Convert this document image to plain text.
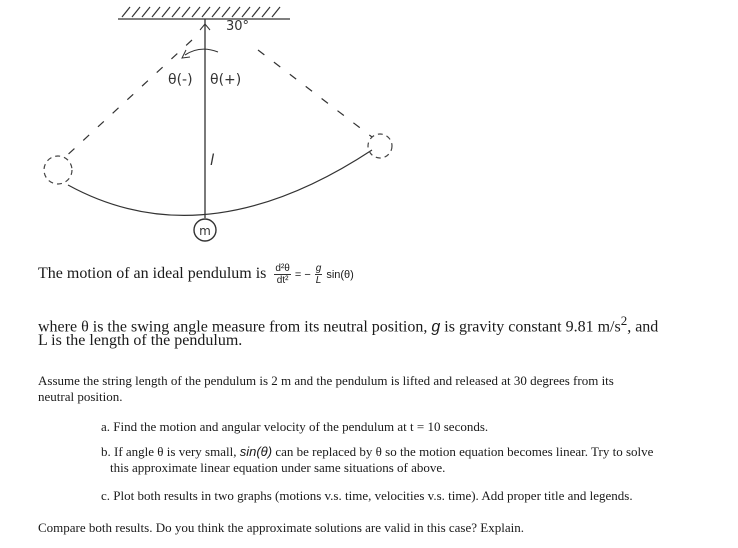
m
30°
θ(-) θ(+)
l
The motion of an ideal pendulum is $\frac{\text{d²θ}}{\text{dt²}}$ = − $\frac{g}{L} \sin(\theta)$
where θ is the swing angle measure from its neutral position, g is gravity constant 9.81 $m/s^2$, and
L is the length of the pendulum.
Assume the string length of the pendulum is 2 m and the pendulum is lifted and released at 30 degrees from its
neutral position.
a. Find the motion and angular velocity of the pendulum at t = 10 seconds.
b. If angle θ is very small, sin(θ) can be replaced by θ so the motion equation becomes linear. Try to solve
this approximate linear equation under same situations of above.
c. Plot both results in two graphs (motions v.s. time, velocities v.s. time). Add proper title and legends.
Compare both results. Do you think the approximate solutions are valid in this case? Explain.
